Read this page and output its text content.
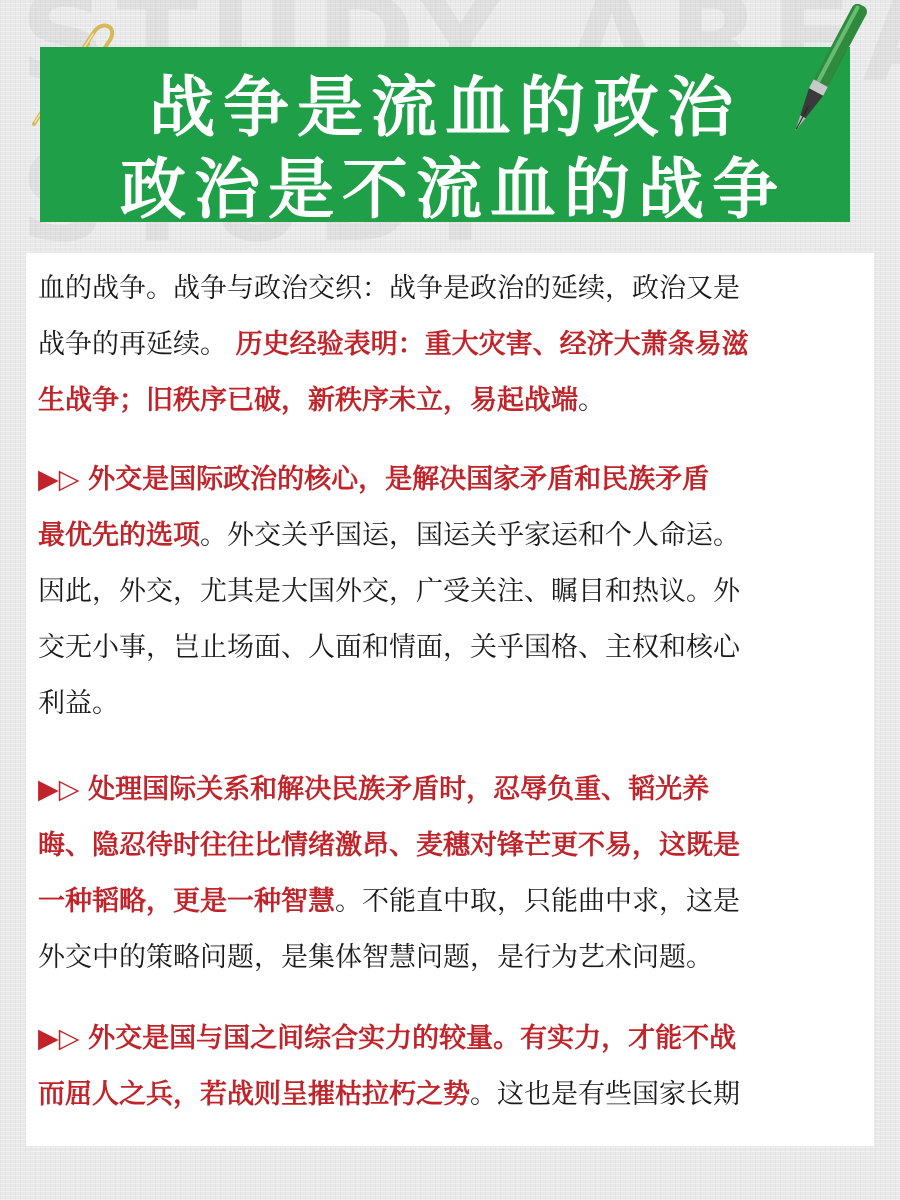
战争是流血的政治
政治是不流血的战争
血的战争。战争与政治交织：战争是政治的延续，政治又是
战争的再延续。 历史经验表明：重大灾害、经济大萧条易滋
生战争；旧秩序已破，新秩序未立，易起战端。
▶▷ 外交是国际政治的核心，是解决国家矛盾和民族矛盾
最优先的选项。外交关乎国运，国运关乎家运和个人命运。
因此，外交，尤其是大国外交，广受关注、瞩目和热议。外
交无小事，岂止场面、人面和情面，关乎国格、主权和核心
利益。
▶▷ 处理国际关系和解决民族矛盾时，忍辱负重、韬光养
晦、隐忍待时往往比情绪激昂、麦穗对锋芒更不易，这既是
一种韬略，更是一种智慧。不能直中取，只能曲中求，这是
外交中的策略问题，是集体智慧问题，是行为艺术问题。
▶▷ 外交是国与国之间综合实力的较量。有实力，才能不战
而屈人之兵，若战则呈摧枯拉朽之势。这也是有些国家长期
